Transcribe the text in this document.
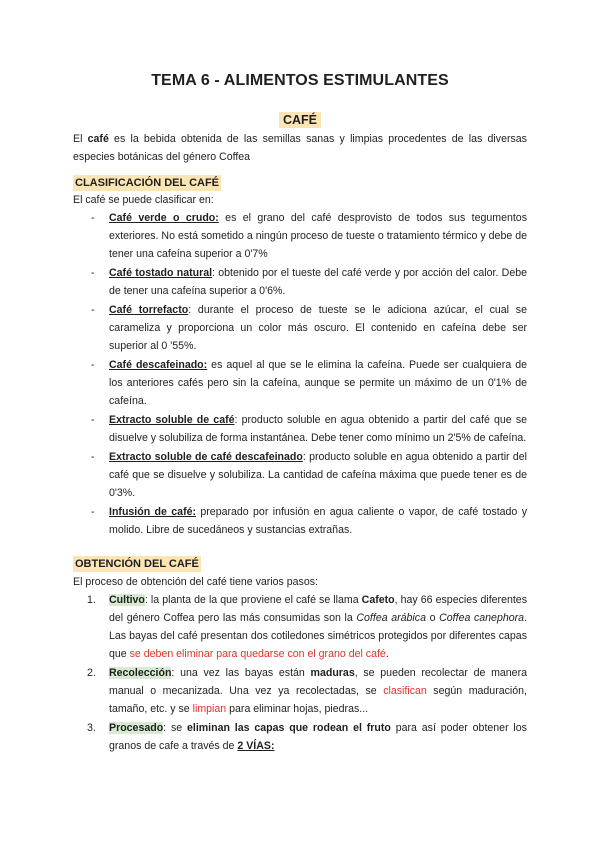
TEMA 6 - ALIMENTOS ESTIMULANTES
CAFÉ

El café es la bebida obtenida de las semillas sanas y limpias procedentes de las diversas especies botánicas del género Coffea

CLASIFICACIÓN DEL CAFÉ

El café se puede clasificar en:

- Café verde o crudo: es el grano del café desprovisto de todos sus tegumentos exteriores. No está sometido a ningún proceso de tueste o tratamiento térmico y debe de tener una cafeína superior a 0'7%
- Café tostado natural: obtenido por el tueste del café verde y por acción del calor. Debe de tener una cafeína superior a 0'6%.
- Café torrefacto: durante el proceso de tueste se le adiciona azúcar, el cual se carameliza y proporciona un color más oscuro. El contenido en cafeína debe ser superior al 0 '55%.
- Café descafeinado: es aquel al que se le elimina la cafeína. Puede ser cualquiera de los anteriores cafés pero sin la cafeína, aunque se permite un máximo de un 0'1% de cafeína.
- Extracto soluble de café: producto soluble en agua obtenido a partir del café que se disuelve y solubiliza de forma instantánea. Debe tener como mínimo un 2'5% de cafeína.
- Extracto soluble de café descafeinado: producto soluble en agua obtenido a partir del café que se disuelve y solubiliza. La cantidad de cafeína máxima que puede tener es de 0'3%.
- Infusión de café: preparado por infusión en agua caliente o vapor, de café tostado y molido. Libre de sucedáneos y sustancias extrañas.
OBTENCIÓN DEL CAFÉ

El proceso de obtención del café tiene varios pasos:

1. Cultivo: la planta de la que proviene el café se llama Cafeto, hay 66 especies diferentes del género Coffea pero las más consumidas son la Coffea arábica o Coffea canephora. Las bayas del café presentan dos cotiledones simétricos protegidos por diferentes capas que se deben eliminar para quedarse con el grano del café.
2. Recolección: una vez las bayas están maduras, se pueden recolectar de manera manual o mecanizada. Una vez ya recolectadas, se clasifican según maduración, tamaño, etc. y se limpian para eliminar hojas, piedras...
3. Procesado: se eliminan las capas que rodean el fruto para así poder obtener los granos de cafe a través de 2 VÍAS:
